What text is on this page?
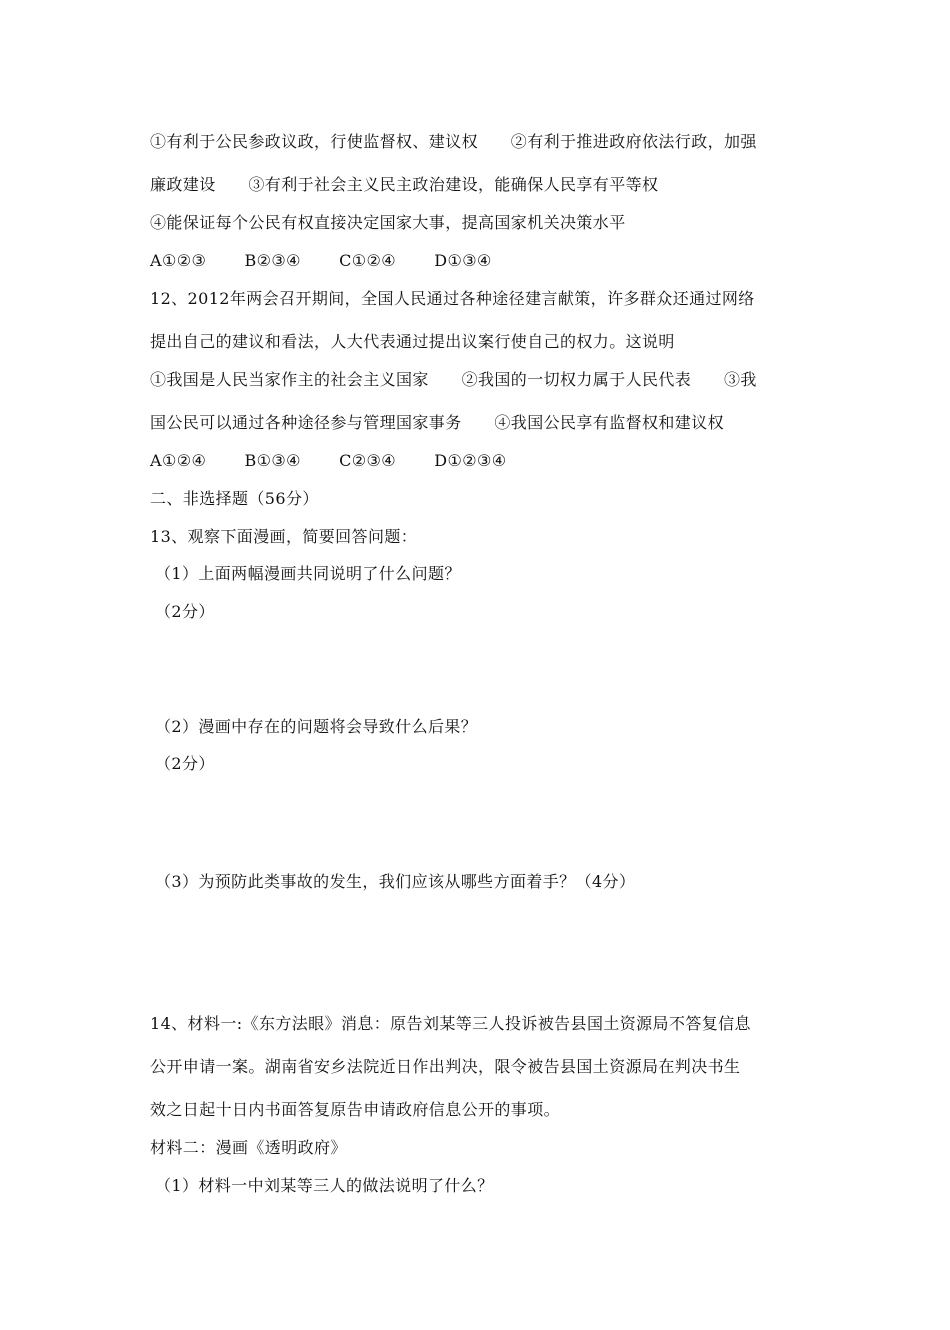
①有利于公民参政议政，行使监督权、建议权　　②有利于推进政府依法行政，加强
廉政建设　　③有利于社会主义民主政治建设，能确保人民享有平等权
④能保证每个公民有权直接决定国家大事，提高国家机关决策水平
A①②③　　 B②③④　　 C①②④　　 D①③④
12、2012年两会召开期间，全国人民通过各种途径建言献策，许多群众还通过网络
提出自己的建议和看法，人大代表通过提出议案行使自己的权力。这说明
①我国是人民当家作主的社会主义国家　　②我国的一切权力属于人民代表　　③我
国公民可以通过各种途径参与管理国家事务　　④我国公民享有监督权和建议权
A①②④　　 B①③④　　 C②③④　　 D①②③④
二、非选择题（56分）
13、观察下面漫画，简要回答问题：
（1）上面两幅漫画共同说明了什么问题？
（2分）
（2）漫画中存在的问题将会导致什么后果？
（2分）
（3）为预防此类事故的发生，我们应该从哪些方面着手？（4分）
14、材料一:《东方法眼》消息：原告刘某等三人投诉被告县国土资源局不答复信息
公开申请一案。湖南省安乡法院近日作出判决，限令被告县国土资源局在判决书生
效之日起十日内书面答复原告申请政府信息公开的事项。
材料二：漫画《透明政府》
（1）材料一中刘某等三人的做法说明了什么？
